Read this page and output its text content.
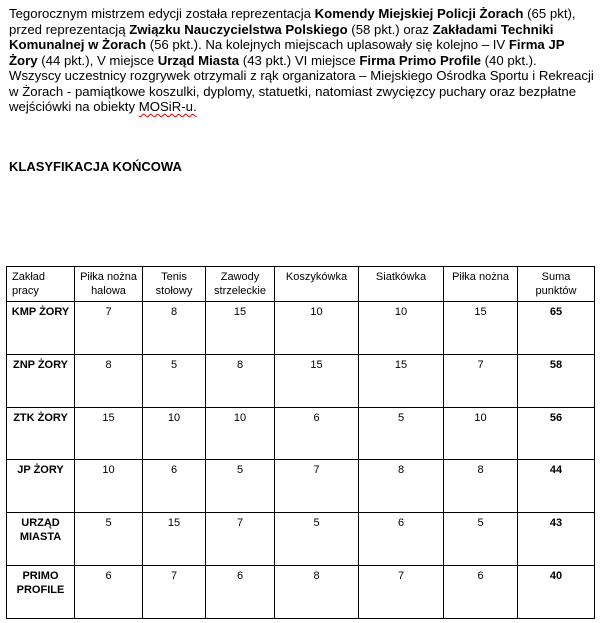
Tegorocznym mistrzem edycji została reprezentacja Komendy Miejskiej Policji Żorach (65 pkt), przed reprezentacją Związku Nauczycielstwa Polskiego (58 pkt.) oraz Zakładami Techniki Komunalnej w Żorach (56 pkt.). Na kolejnych miejscach uplasowały się kolejno – IV Firma JP Żory (44 pkt.), V miejsce Urząd Miasta (43 pkt.) VI miejsce Firma Primo Profile (40 pkt.).

Wszyscy uczestnicy rozgrywek otrzymali z rąk organizatora – Miejskiego Ośrodka Sportu i Rekreacji w Żorach - pamiątkowe koszulki, dyplomy, statuetki, natomiast zwycięzcy puchary oraz bezpłatne wejściówki na obiekty MOSiR-u.

KLASYFIKACJA KOŃCOWA
Zakład pracy	Piłka nożna halowa	Tenis stołowy	Zawody strzeleckie	Koszykówka	Siatkówka	Piłka nożna	Suma punktów
KMP ŻORY	7	8	15	10	10	15	65
ZNP ŻORY	8	5	8	15	15	7	58
ZTK ŻORY	15	10	10	6	5	10	56
JP ŻORY	10	6	5	7	8	8	44
URZĄD MIASTA	5	15	7	5	6	5	43
PRIMO PROFILE	6	7	6	8	7	6	40
